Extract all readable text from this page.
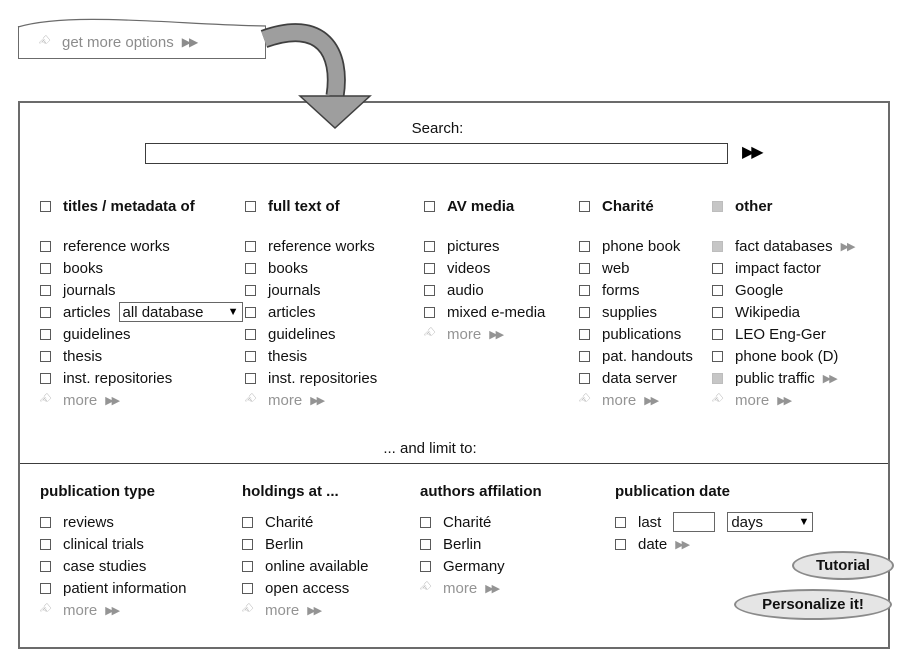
☜ get more options ▶▶
Search:
▶▶
titles / metadata of
reference works
books
journals
articles all database ▼
guidelines
thesis
inst. repositories
☜ more ▶▶
full text of
reference works
books
journals
articles
guidelines
thesis
inst. repositories
☜ more ▶▶
AV media
pictures
videos
audio
mixed e-media
☜ more ▶▶
Charité
phone book
web
forms
supplies
publications
pat. handouts
data server
☜ more ▶▶
other
fact databases ▶▶
impact factor
Google
Wikipedia
LEO Eng-Ger
phone book (D)
public traffic ▶▶
☜ more ▶▶
... and limit to:
publication type
reviews
clinical trials
case studies
patient information
☜ more ▶▶
holdings at ...
Charité
Berlin
online available
open access
☜ more ▶▶
authors affilation
Charité
Berlin
Germany
☜ more ▶▶
publication date
last	days	▼
date ▶▶
Tutorial
Personalize it!
